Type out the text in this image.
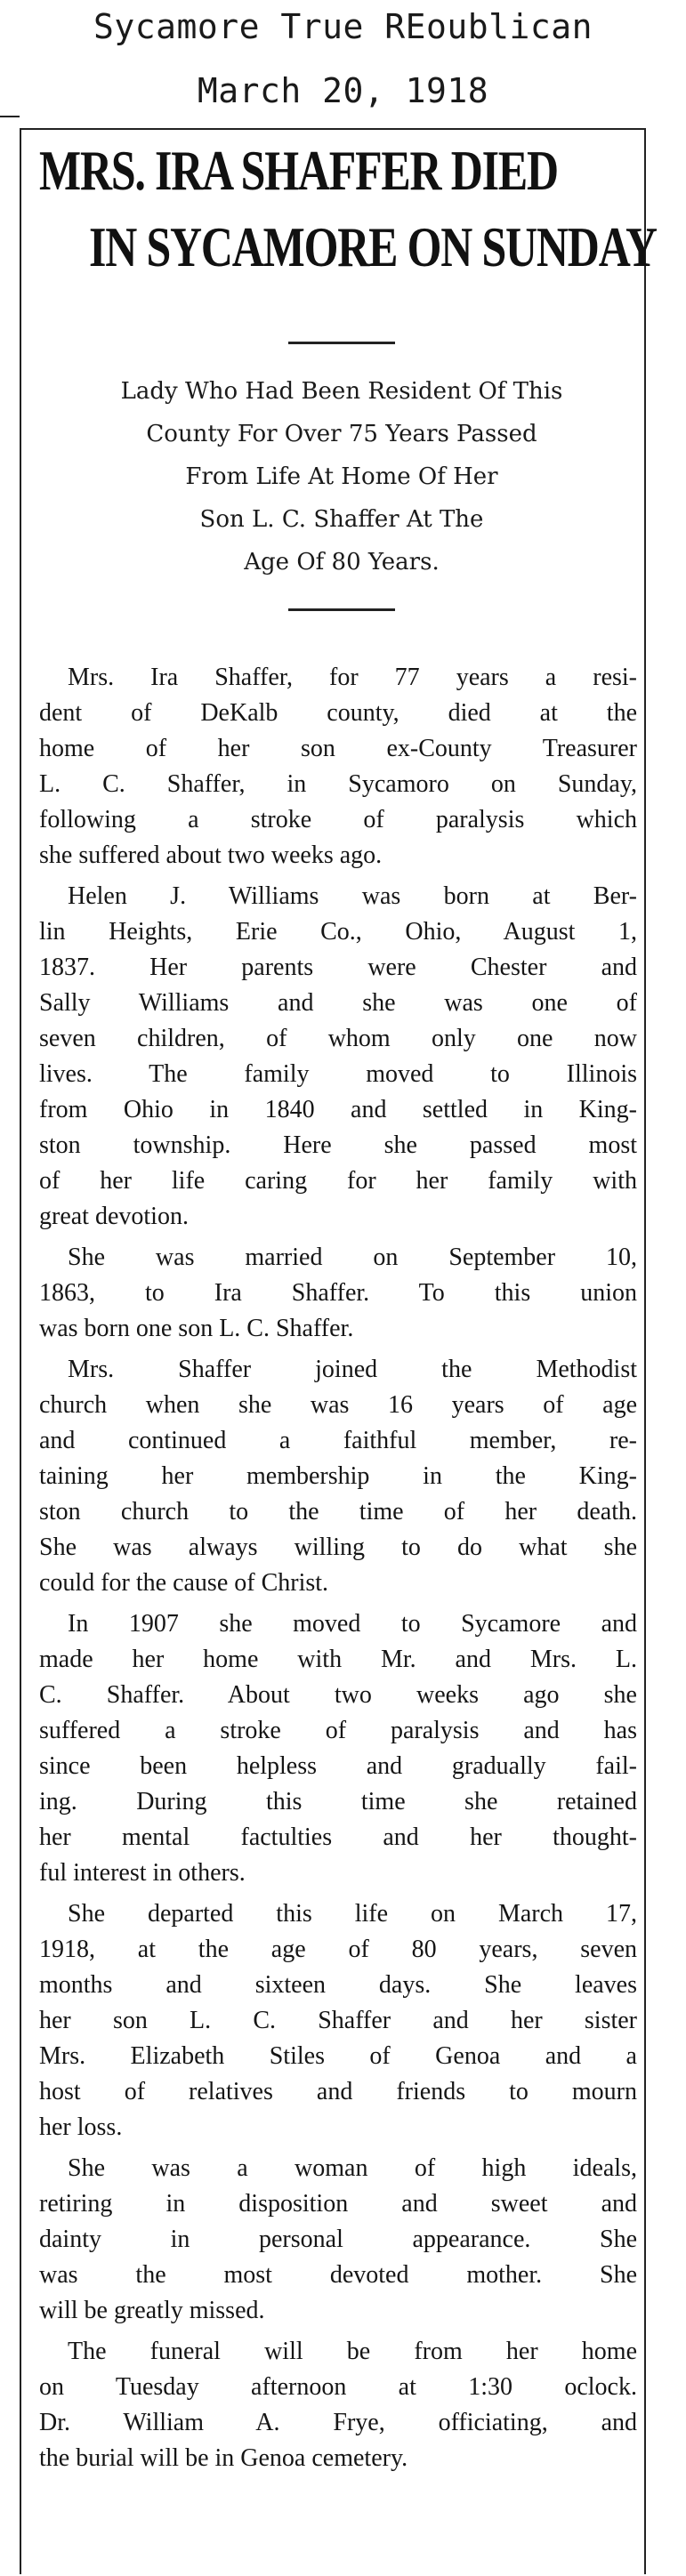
Sycamore True REoublican
March 20, 1918
MRS. IRA SHAFFER DIED
IN SYCAMORE ON SUNDAY
Lady Who Had Been Resident Of This
County For Over 75 Years Passed
From Life At Home Of Her
Son L. C. Shaffer At The
Age Of 80 Years.
Mrs. Ira Shaffer, for 77 years a resi-
dent of DeKalb county, died at the
home of her son ex-County Treasurer
L. C. Shaffer, in Sycamoro on Sunday,
following a stroke of paralysis which
she suffered about two weeks ago.
Helen J. Williams was born at Ber-
lin Heights, Erie Co., Ohio, August 1,
1837. Her parents were Chester and
Sally Williams and she was one of
seven children, of whom only one now
lives. The family moved to Illinois
from Ohio in 1840 and settled in King-
ston township. Here she passed most
of her life caring for her family with
great devotion.
She was married on September 10,
1863, to Ira Shaffer. To this union
was born one son L. C. Shaffer.
Mrs. Shaffer joined the Methodist
church when she was 16 years of age
and continued a faithful member, re-
taining her membership in the King-
ston church to the time of her death.
She was always willing to do what she
could for the cause of Christ.
In 1907 she moved to Sycamore and
made her home with Mr. and Mrs. L.
C. Shaffer. About two weeks ago she
suffered a stroke of paralysis and has
since been helpless and gradually fail-
ing. During this time she retained
her mental factulties and her thought-
ful interest in others.
She departed this life on March 17,
1918, at the age of 80 years, seven
months and sixteen days. She leaves
her son L. C. Shaffer and her sister
Mrs. Elizabeth Stiles of Genoa and a
host of relatives and friends to mourn
her loss.
She was a woman of high ideals,
retiring in disposition and sweet and
dainty in personal appearance. She
was the most devoted mother. She
will be greatly missed.
The funeral will be from her home
on Tuesday afternoon at 1:30 oclock.
Dr. William A. Frye, officiating, and
the burial will be in Genoa cemetery.
